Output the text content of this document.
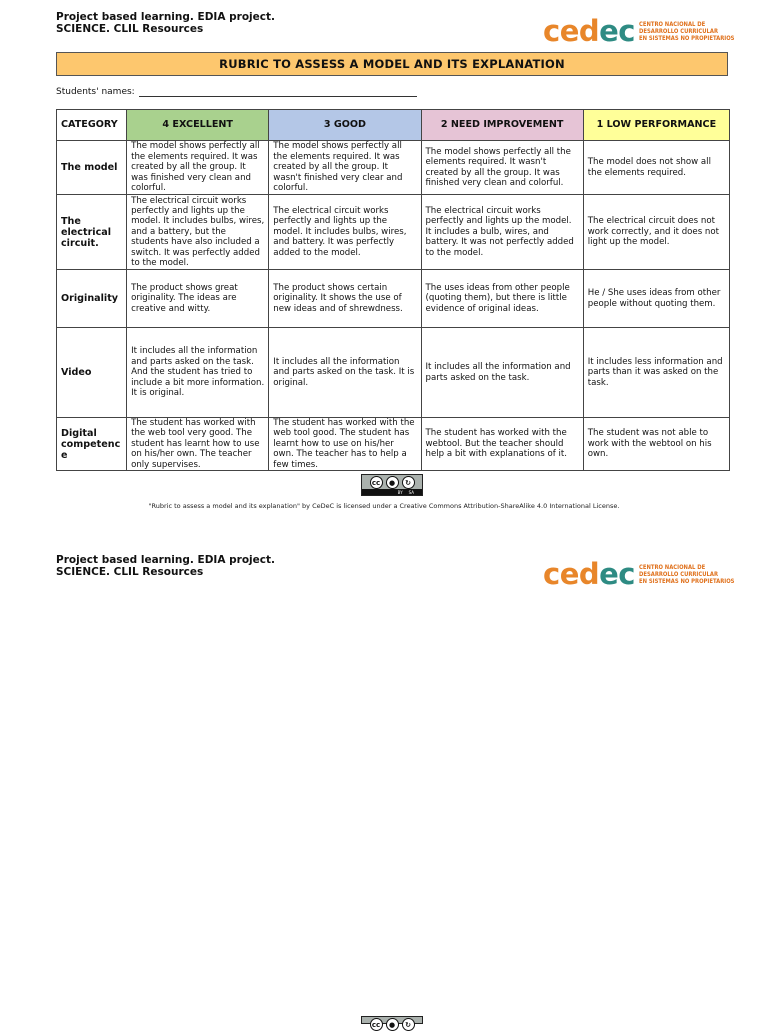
Project based learning. EDIA project.
SCIENCE. CLIL Resources	cedec CENTRO NACIONAL DE
DESARROLLO CURRICULAR
EN SISTEMAS NO PROPIETARIOS
RUBRIC TO ASSESS A MODEL AND ITS EXPLANATION
Students' names:
CATEGORY	4 EXCELLENT	3 GOOD	2 NEED IMPROVEMENT	1 LOW PERFORMANCE
The model	The model shows perfectly all the elements required. It was created by all the group. It was finished very clean and colorful.	The model shows perfectly all the elements required. It was created by all the group. It wasn't finished very clear and colorful.	The model shows perfectly all the elements required. It wasn't created by all the group. It was finished very clean and colorful.	The model does not show all the elements required.
The electrical circuit.	The electrical circuit works perfectly and lights up the model. It includes bulbs, wires, and a battery, but the students have also included a switch. It was perfectly added to the model.	The electrical circuit works perfectly and lights up the model. It includes bulbs, wires, and battery. It was perfectly added to the model.	The electrical circuit works perfectly and lights up the model. It includes a bulb, wires, and battery. It was not perfectly added to the model.	The electrical circuit does not work correctly, and it does not light up the model.
Originality	The product shows great originality. The ideas are creative and witty.	The product shows certain originality. It shows the use of new ideas and of shrewdness.	The uses ideas from other people (quoting them), but there is little evidence of original ideas.	He / She uses ideas from other people without quoting them.
Video	It includes all the information and parts asked on the task. And the student has tried to include a bit more information. It is original.	It includes all the information and parts asked on the task. It is original.	It includes all the information and parts asked on the task.	It includes less information and parts than it was asked on the task.
Digital competenc e	The student has worked with the web tool very good. The student has learnt how to use on his/her own. The teacher only supervises.	The student has worked with the web tool good. The student has learnt how to use on his/her own. The teacher has to help a few times.	The student has worked with the webtool. But the teacher should help a bit with explanations of it.	The student was not able to work with the webtool on his own.
cc	●	↻
BY SA
"Rubric to assess a model and its explanation" by CeDeC is licensed under a Creative Commons Attribution-ShareAlike 4.0 International License.
Project based learning. EDIA project.
SCIENCE. CLIL Resources	cedec CENTRO NACIONAL DE
DESARROLLO CURRICULAR
EN SISTEMAS NO PROPIETARIOS
cc	●	↻
